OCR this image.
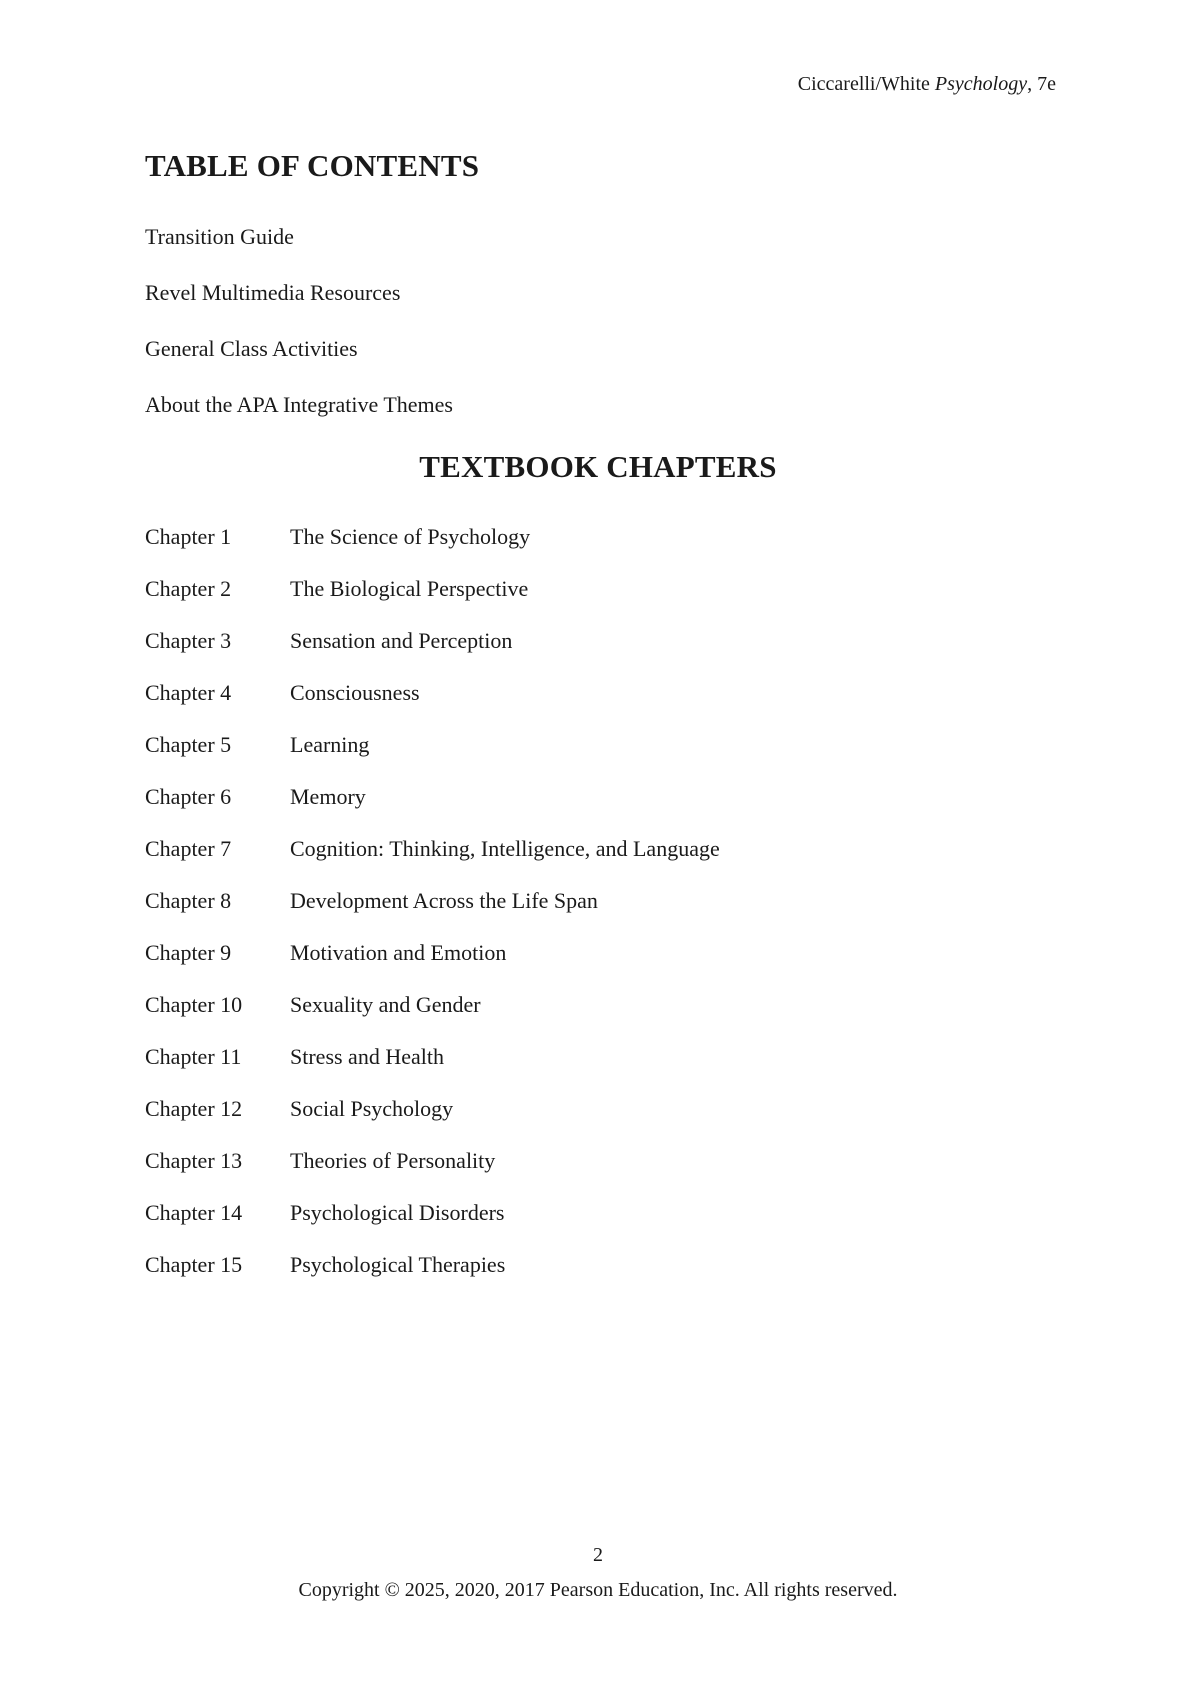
Ciccarelli/White Psychology, 7e
TABLE OF CONTENTS
Transition Guide
Revel Multimedia Resources
General Class Activities
About the APA Integrative Themes
TEXTBOOK CHAPTERS
Chapter 1	The Science of Psychology
Chapter 2	The Biological Perspective
Chapter 3	Sensation and Perception
Chapter 4	Consciousness
Chapter 5	Learning
Chapter 6	Memory
Chapter 7	Cognition: Thinking, Intelligence, and Language
Chapter 8	Development Across the Life Span
Chapter 9	Motivation and Emotion
Chapter 10	Sexuality and Gender
Chapter 11	Stress and Health
Chapter 12	Social Psychology
Chapter 13	Theories of Personality
Chapter 14	Psychological Disorders
Chapter 15	Psychological Therapies
2
Copyright © 2025, 2020, 2017 Pearson Education, Inc. All rights reserved.
